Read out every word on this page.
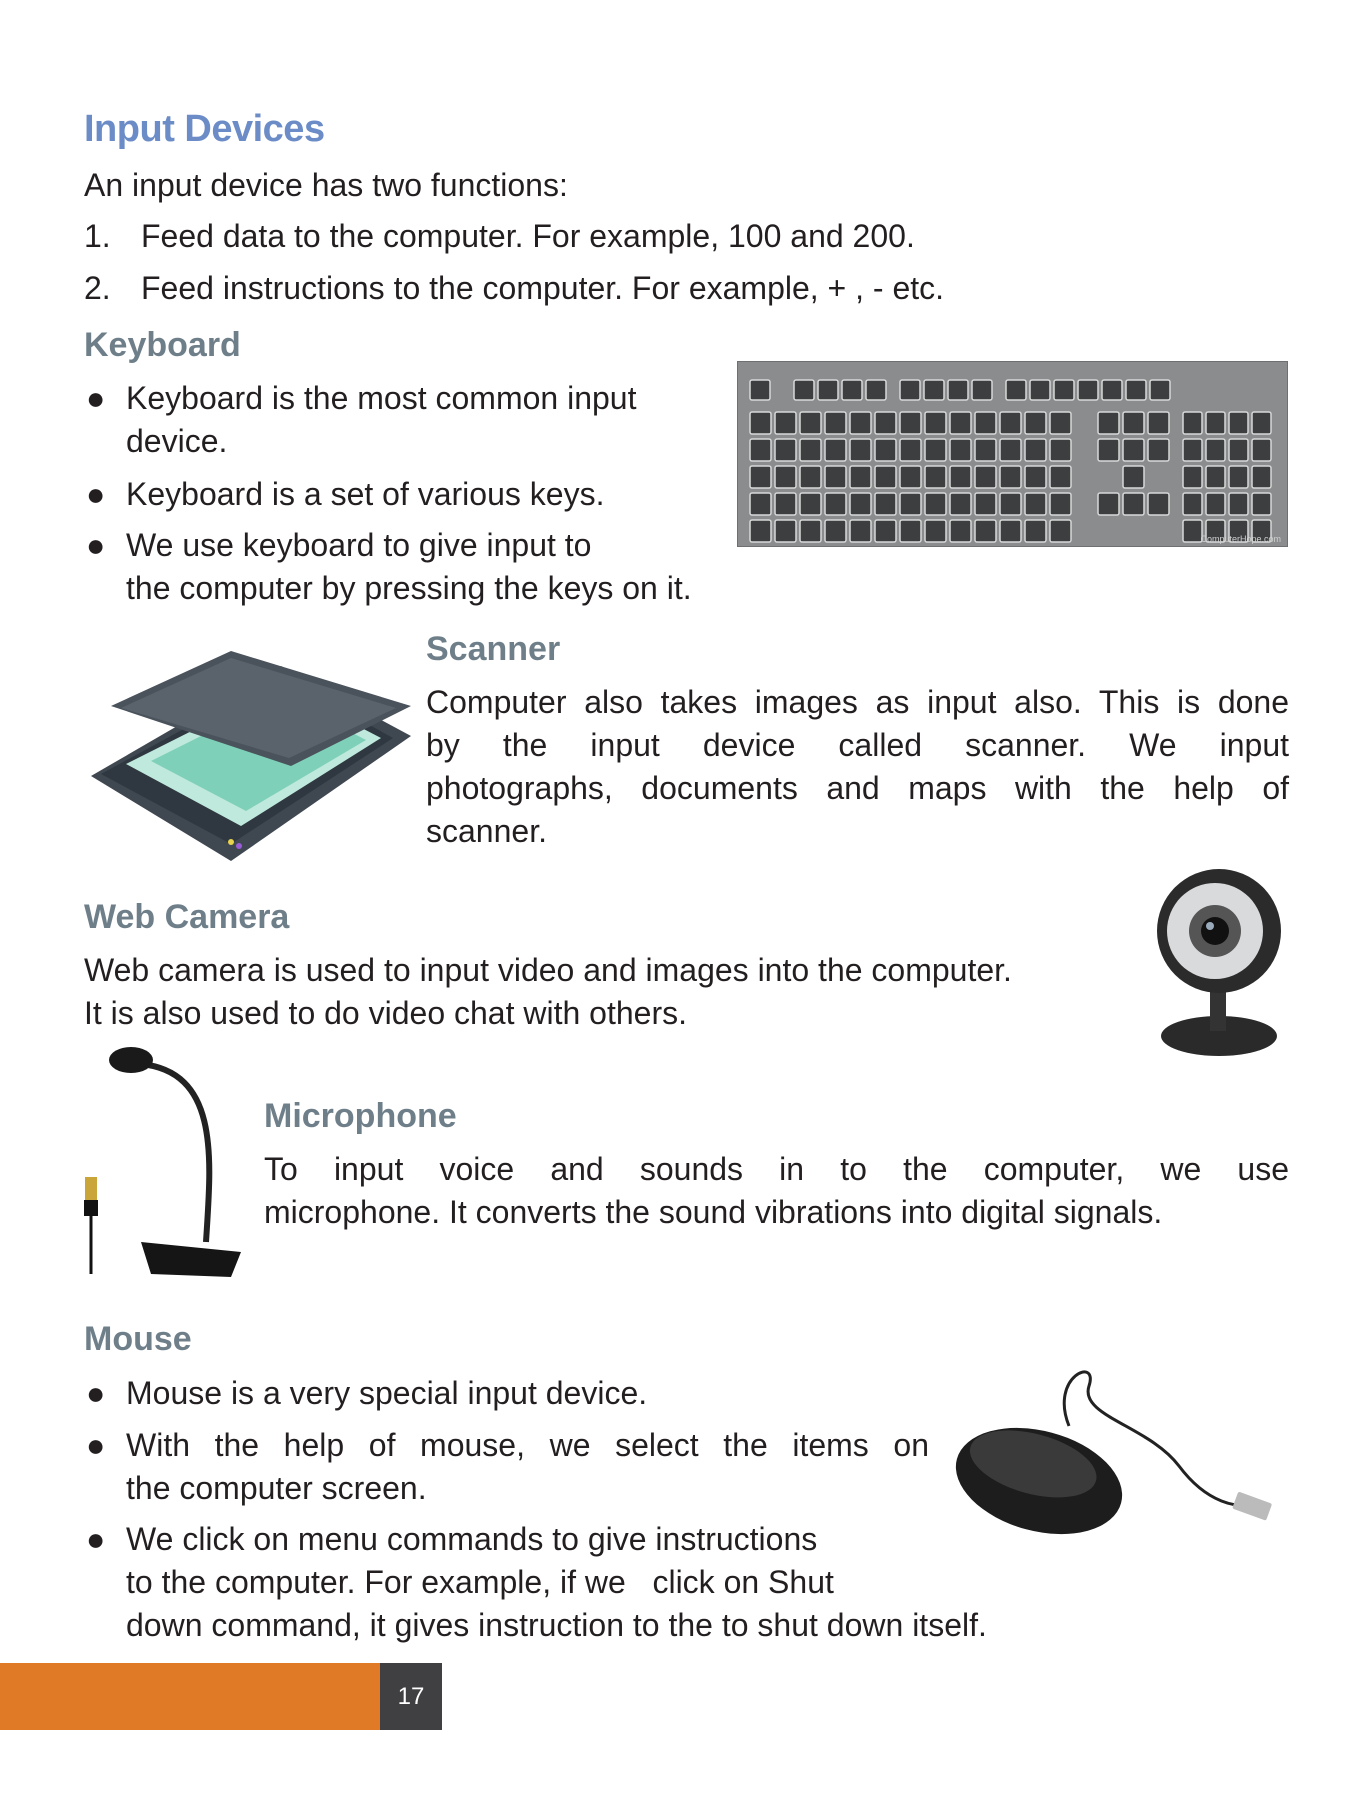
Input Devices
An input device has two functions:
1. Feed data to the computer. For example, 100 and 200.
2. Feed instructions to the computer. For example, + , - etc.
Keyboard
● Keyboard is the most common input
device.
● Keyboard is a set of various keys.
● We use keyboard to give input to
the computer by pressing the keys on it.
ComputerHope.com
Scanner
Computer also takes images as input also. This is done
by the input device called scanner. We input
photographs, documents and maps with the help of
scanner.
Web Camera
Web camera is used to input video and images into the computer.
It is also used to do video chat with others.
Microphone
To input voice and sounds in to the computer, we use
microphone. It converts the sound vibrations into digital signals.
Mouse
● Mouse is a very special input device.
● With the help of mouse, we select the items on
the computer screen.
● We click on menu commands to give instructions
to the computer. For example, if we   click on Shut
down command, it gives instruction to the to shut down itself.
17
